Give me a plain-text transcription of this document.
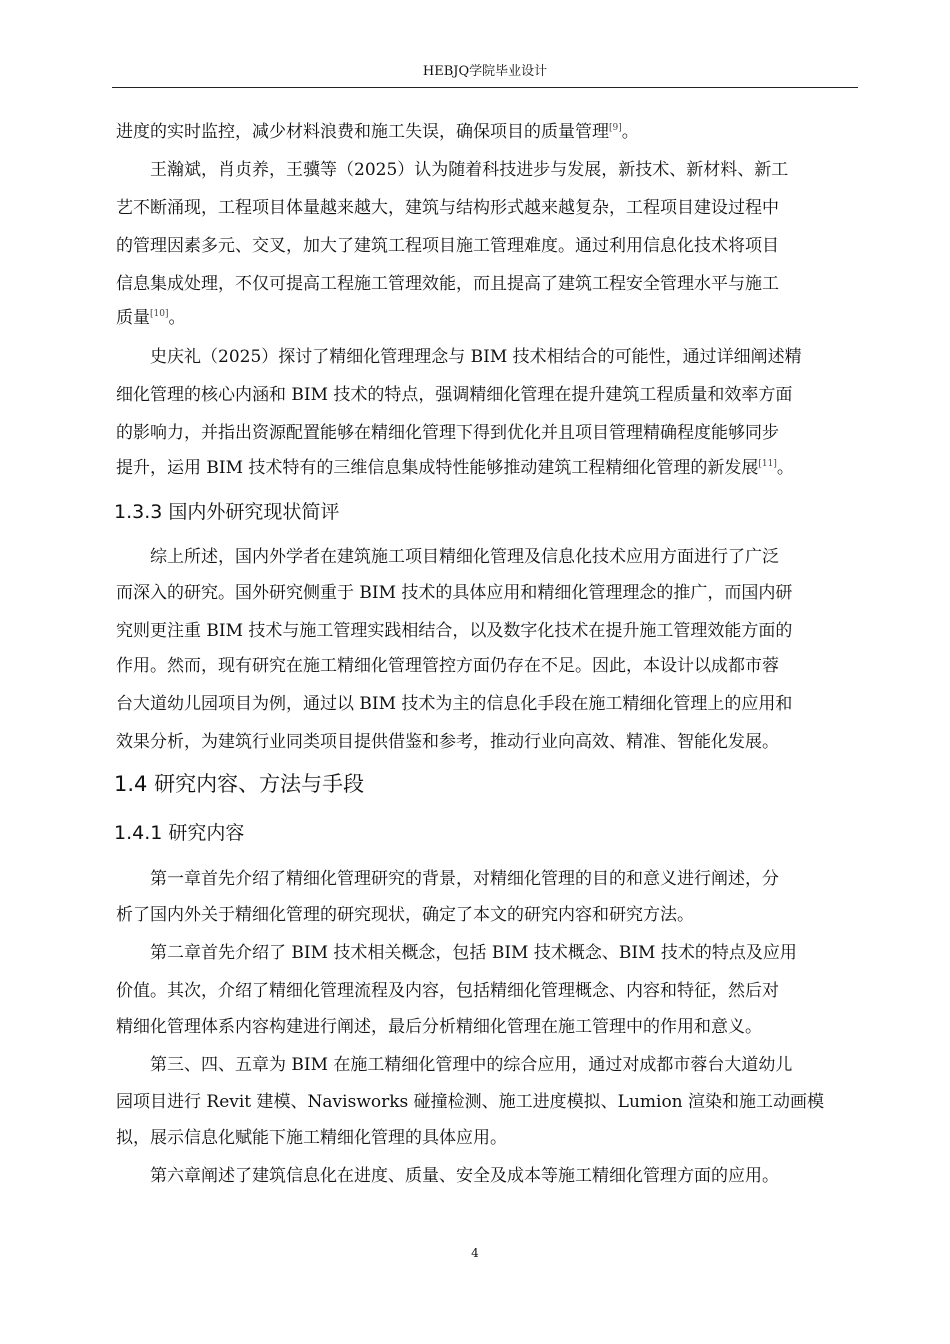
HEBJQ学院毕业设计
进度的实时监控，减少材料浪费和施工失误，确保项目的质量管理[9]。
王瀚斌，肖贞养，王骥等（2025）认为随着科技进步与发展，新技术、新材料、新工
艺不断涌现，工程项目体量越来越大，建筑与结构形式越来越复杂，工程项目建设过程中
的管理因素多元、交叉，加大了建筑工程项目施工管理难度。通过利用信息化技术将项目
信息集成处理，不仅可提高工程施工管理效能，而且提高了建筑工程安全管理水平与施工
质量[10]。
史庆礼（2025）探讨了精细化管理理念与 BIM 技术相结合的可能性，通过详细阐述精
细化管理的核心内涵和 BIM 技术的特点，强调精细化管理在提升建筑工程质量和效率方面
的影响力，并指出资源配置能够在精细化管理下得到优化并且项目管理精确程度能够同步
提升，运用 BIM 技术特有的三维信息集成特性能够推动建筑工程精细化管理的新发展[11]。
1.3.3 国内外研究现状简评
综上所述，国内外学者在建筑施工项目精细化管理及信息化技术应用方面进行了广泛
而深入的研究。国外研究侧重于 BIM 技术的具体应用和精细化管理理念的推广，而国内研
究则更注重 BIM 技术与施工管理实践相结合，以及数字化技术在提升施工管理效能方面的
作用。然而，现有研究在施工精细化管理管控方面仍存在不足。因此，本设计以成都市蓉
台大道幼儿园项目为例，通过以 BIM 技术为主的信息化手段在施工精细化管理上的应用和
效果分析，为建筑行业同类项目提供借鉴和参考，推动行业向高效、精准、智能化发展。
1.4 研究内容、方法与手段
1.4.1 研究内容
第一章首先介绍了精细化管理研究的背景，对精细化管理的目的和意义进行阐述，分
析了国内外关于精细化管理的研究现状，确定了本文的研究内容和研究方法。
第二章首先介绍了 BIM 技术相关概念，包括 BIM 技术概念、BIM 技术的特点及应用
价值。其次，介绍了精细化管理流程及内容，包括精细化管理概念、内容和特征，然后对
精细化管理体系内容构建进行阐述，最后分析精细化管理在施工管理中的作用和意义。
第三、四、五章为 BIM 在施工精细化管理中的综合应用，通过对成都市蓉台大道幼儿
园项目进行 Revit 建模、Navisworks 碰撞检测、施工进度模拟、Lumion 渲染和施工动画模
拟，展示信息化赋能下施工精细化管理的具体应用。
第六章阐述了建筑信息化在进度、质量、安全及成本等施工精细化管理方面的应用。
4
